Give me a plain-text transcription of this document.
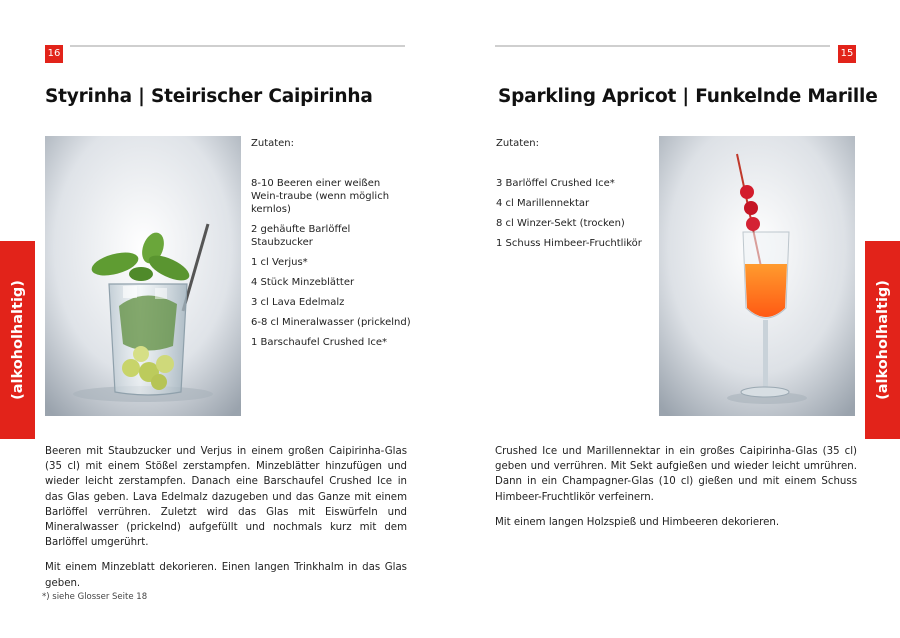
16
Styrinha | Steirischer Caipirinha

Zutaten:

8-10 Beeren einer weißen Wein-traube (wenn möglich kernlos)
2 gehäufte Barlöffel Staubzucker
1 cl Verjus*
4 Stück Minzeblätter
3 cl Lava Edelmalz
6-8 cl Mineralwasser (prickelnd)
1 Barschaufel Crushed Ice*

Beeren mit Staubzucker und Verjus in einem großen Caipirinha-Glas (35 cl) mit einem Stößel zerstampfen. Minzeblätter hinzufügen und wieder leicht zerstampfen. Danach eine Barschaufel Crushed Ice in das Glas geben. Lava Edelmalz dazugeben und das Ganze mit einem Barlöffel verrühren. Zuletzt wird das Glas mit Eiswürfeln und Mineralwasser (prickelnd) aufgefüllt und nochmals kurz mit dem Barlöffel umgerührt.

Mit einem Minzeblatt dekorieren. Einen langen Trinkhalm in das Glas geben.

*) siehe Glosser Seite 18
15
Sparkling Apricot | Funkelnde Marille

Zutaten:

3 Barlöffel Crushed Ice*
4 cl Marillennektar
8 cl Winzer-Sekt (trocken)
1 Schuss Himbeer-Fruchtlikör

Crushed Ice und Marillennektar in ein großes Caipirinha-Glas (35 cl) geben und verrühren. Mit Sekt aufgießen und wieder leicht umrühren. Dann in ein Champagner-Glas (10 cl) gießen und mit einem Schuss Himbeer-Fruchtlikör verfeinern.

Mit einem langen Holzspieß und Himbeeren dekorieren.

(alkoholhaltig)	(alkoholhaltig)
